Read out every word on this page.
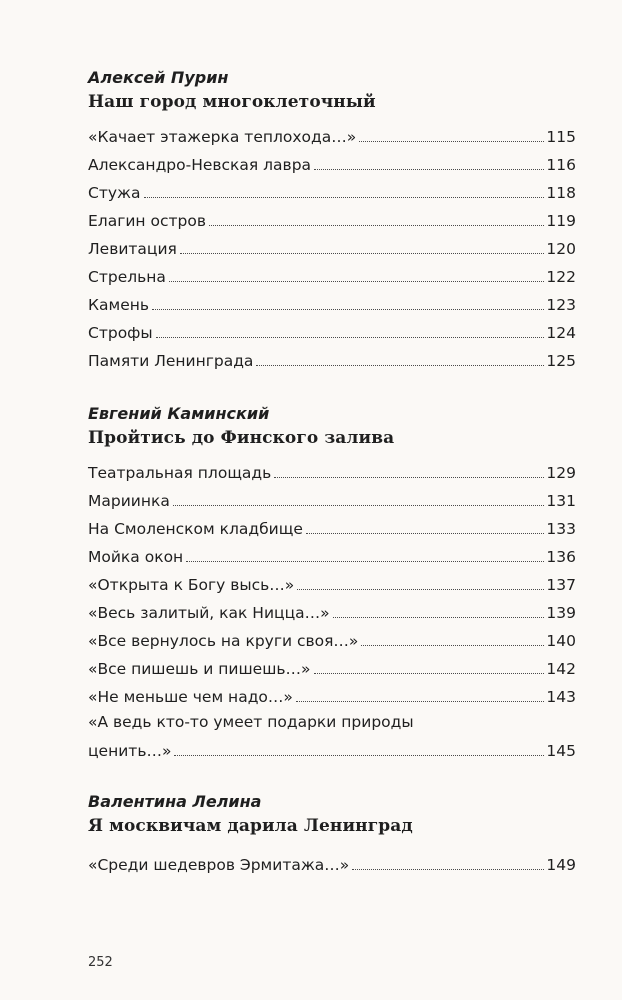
Алексей Пурин

Наш город многоклеточный

«Качает этажерка теплохода…»	115
Александро-Невская лавра	116
Стужа	118
Елагин остров	119
Левитация	120
Стрельна	122
Камень	123
Строфы	124
Памяти Ленинграда	125

Евгений Каминский

Пройтись до Финского залива

Театральная площадь	129
Мариинка	131
На Смоленском кладбище	133
Мойка окон	136
«Открыта к Богу высь…»	137
«Весь залитый, как Ницца…»	139
«Все вернулось на круги своя…»	140
«Все пишешь и пишешь…»	142
«Не меньше чем надо…»	143
«А ведь кто-то умеет подарки природы
ценить…»	145

Валентина Лелина

Я москвичам дарила Ленинград

«Среди шедевров Эрмитажа…»	149
252
